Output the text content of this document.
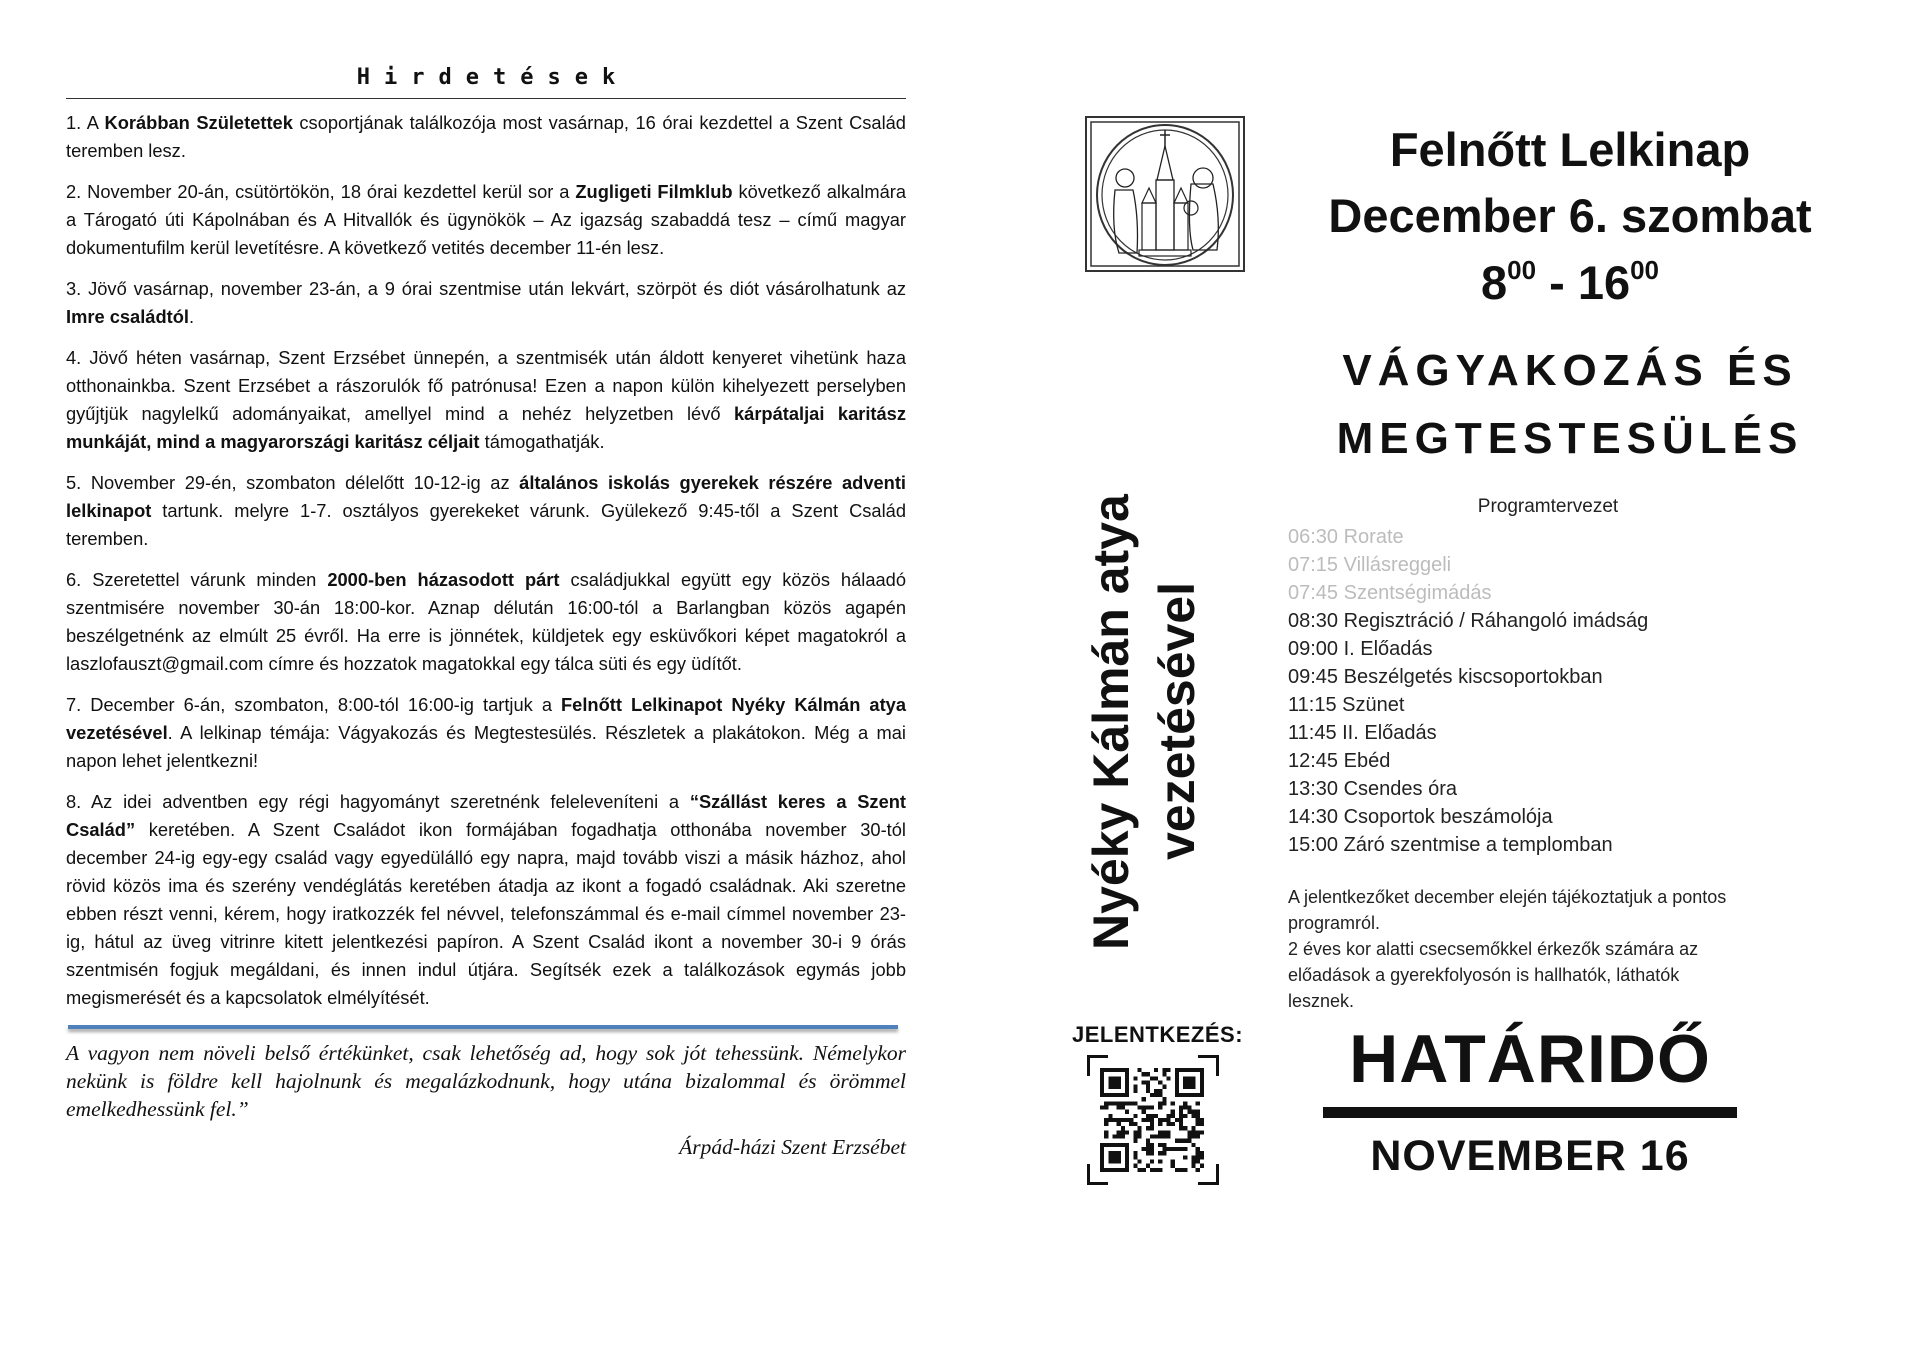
Hirdetések

1. A Korábban Születettek csoportjának találkozója most vasárnap, 16 órai kezdettel a Szent Család teremben lesz.

2. November 20-án, csütörtökön, 18 órai kezdettel kerül sor a Zugligeti Filmklub következő alkalmára a Tárogató úti Kápolnában és A Hitvallók és ügynökök – Az igazság szabaddá tesz – című magyar dokumentufilm kerül levetítésre. A következő vetités december 11-én lesz.

3. Jövő vasárnap, november 23-án, a 9 órai szentmise után lekvárt, szörpöt és diót vásárolhatunk az Imre családtól.

4. Jövő héten vasárnap, Szent Erzsébet ünnepén, a szentmisék után áldott kenyeret vihetünk haza otthonainkba. Szent Erzsébet a rászorulók fő patrónusa! Ezen a napon külön kihelyezett perselyben gyűjtjük nagylelkű adományaikat, amellyel mind a nehéz helyzetben lévő kárpátaljai karitász munkáját, mind a magyarországi karitász céljait támogathatják.

5. November 29-én, szombaton délelőtt 10-12-ig az általános iskolás gyerekek részére adventi lelkinapot tartunk. melyre 1-7. osztályos gyerekeket várunk. Gyülekező 9:45-től a Szent Család teremben.

6. Szeretettel várunk minden 2000-ben házasodott párt családjukkal együtt egy közös hálaadó szentmisére november 30-án 18:00-kor. Aznap délután 16:00-tól a Barlangban közös agapén beszélgetnénk az elmúlt 25 évről. Ha erre is jönnétek, küldjetek egy esküvőkori képet magatokról a laszlofauszt@gmail.com címre és hozzatok magatokkal egy tálca süti és egy üdítőt.

7. December 6-án, szombaton, 8:00-tól 16:00-ig tartjuk a Felnőtt Lelkinapot Nyéky Kálmán atya vezetésével. A lelkinap témája: Vágyakozás és Megtestesülés. Részletek a plakátokon. Még a mai napon lehet jelentkezni!

8. Az idei adventben egy régi hagyományt szeretnénk feleleveníteni a “Szállást keres a Szent Család” keretében. A Szent Családot ikon formájában fogadhatja otthonába november 30-tól december 24-ig egy-egy család vagy egyedülálló egy napra, majd tovább viszi a másik házhoz, ahol rövid közös ima és szerény vendéglátás keretében átadja az ikont a fogadó családnak. Aki szeretne ebben részt venni, kérem, hogy iratkozzék fel névvel, telefonszámmal és e-mail címmel november 23-ig, hátul az üveg vitrinre kitett jelentkezési papíron. A Szent Család ikont a november 30-i 9 órás szentmisén fogjuk megáldani, és innen indul útjára. Segítsék ezek a találkozások egymás jobb megismerését és a kapcsolatok elmélyítését.

A vagyon nem növeli belső értékünket, csak lehetőség ad, hogy sok jót tehessünk. Némelykor nekünk is földre kell hajolnunk és megalázkodnunk, hogy utána bizalommal és örömmel emelkedhessünk fel.”
Árpád-házi Szent Erzsébet
Felnőtt Lelkinap
December 6. szombat
$8^{00} - 16^{00}$
VÁGYAKOZÁS ÉS
MEGTESTESÜLÉS
Nyéky Kálmán atya vezetésével
Programtervezet
06:30 Rorate
07:15 Villásreggeli
07:45 Szentségimádás
08:30 Regisztráció / Ráhangoló imádság
09:00 I. Előadás
09:45 Beszélgetés kiscsoportokban
11:15 Szünet
11:45 II. Előadás
12:45 Ebéd
13:30 Csendes óra
14:30 Csoportok beszámolója
15:00 Záró szentmise a templomban
A jelentkezőket december elején tájékoztatjuk a pontos
programról.
2 éves kor alatti csecsemőkkel érkezők számára az
előadások a gyerekfolyosón is hallhatók, láthatók
lesznek.
JELENTKEZÉS:	HATÁRIDŐ
NOVEMBER 16
